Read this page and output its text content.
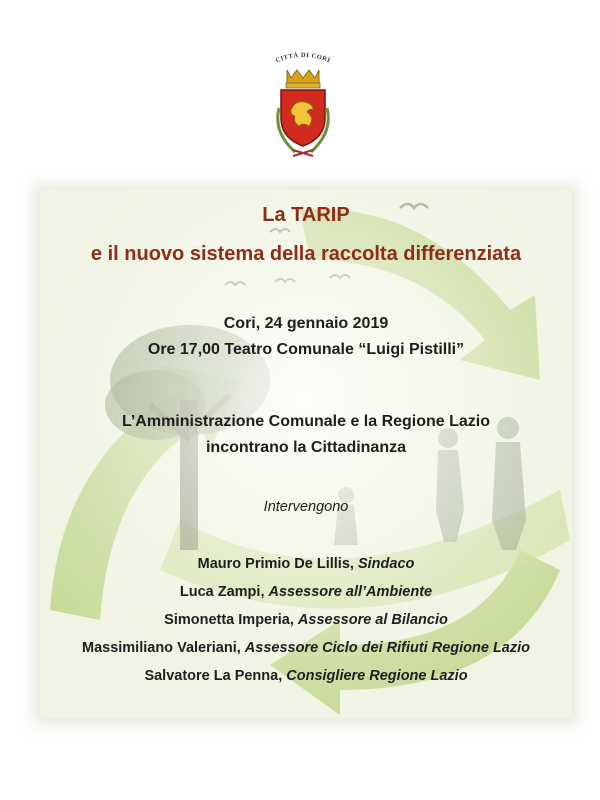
CITTÀ DI CORI
La TARIP
e il nuovo sistema della raccolta differenziata
Cori, 24 gennaio 2019
Ore 17,00 Teatro Comunale “Luigi Pistilli”
L’Amministrazione Comunale e la Regione Lazio
incontrano la Cittadinanza
Intervengono
Mauro Primio De Lillis, Sindaco
Luca Zampi, Assessore all’Ambiente
Simonetta Imperia, Assessore al Bilancio
Massimiliano Valeriani, Assessore Ciclo dei Rifiuti Regione Lazio
Salvatore La Penna, Consigliere Regione Lazio
